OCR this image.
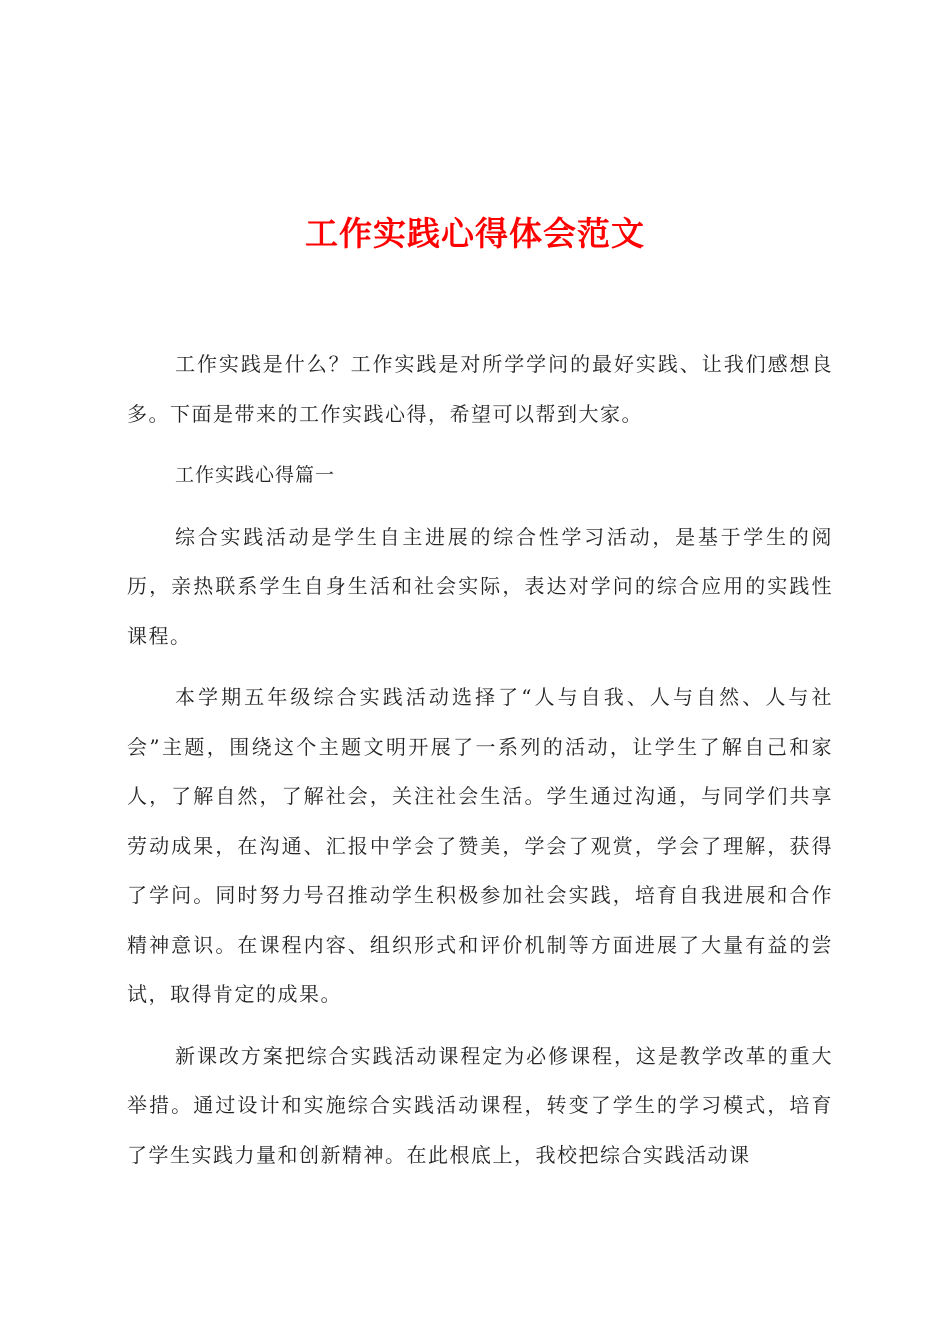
工作实践心得体会范文

工作实践是什么？工作实践是对所学学问的最好实践、让我们感想良多。下面是带来的工作实践心得，希望可以帮到大家。

工作实践心得篇一

综合实践活动是学生自主进展的综合性学习活动，是基于学生的阅历，亲热联系学生自身生活和社会实际，表达对学问的综合应用的实践性课程。

本学期五年级综合实践活动选择了“人与自我、人与自然、人与社会”主题，围绕这个主题文明开展了一系列的活动，让学生了解自己和家人，了解自然，了解社会，关注社会生活。学生通过沟通，与同学们共享劳动成果，在沟通、汇报中学会了赞美，学会了观赏，学会了理解，获得了学问。同时努力号召推动学生积极参加社会实践，培育自我进展和合作精神意识。在课程内容、组织形式和评价机制等方面进展了大量有益的尝试，取得肯定的成果。

新课改方案把综合实践活动课程定为必修课程，这是教学改革的重大举措。通过设计和实施综合实践活动课程，转变了学生的学习模式，培育了学生实践力量和创新精神。在此根底上，我校把综合实践活动课
